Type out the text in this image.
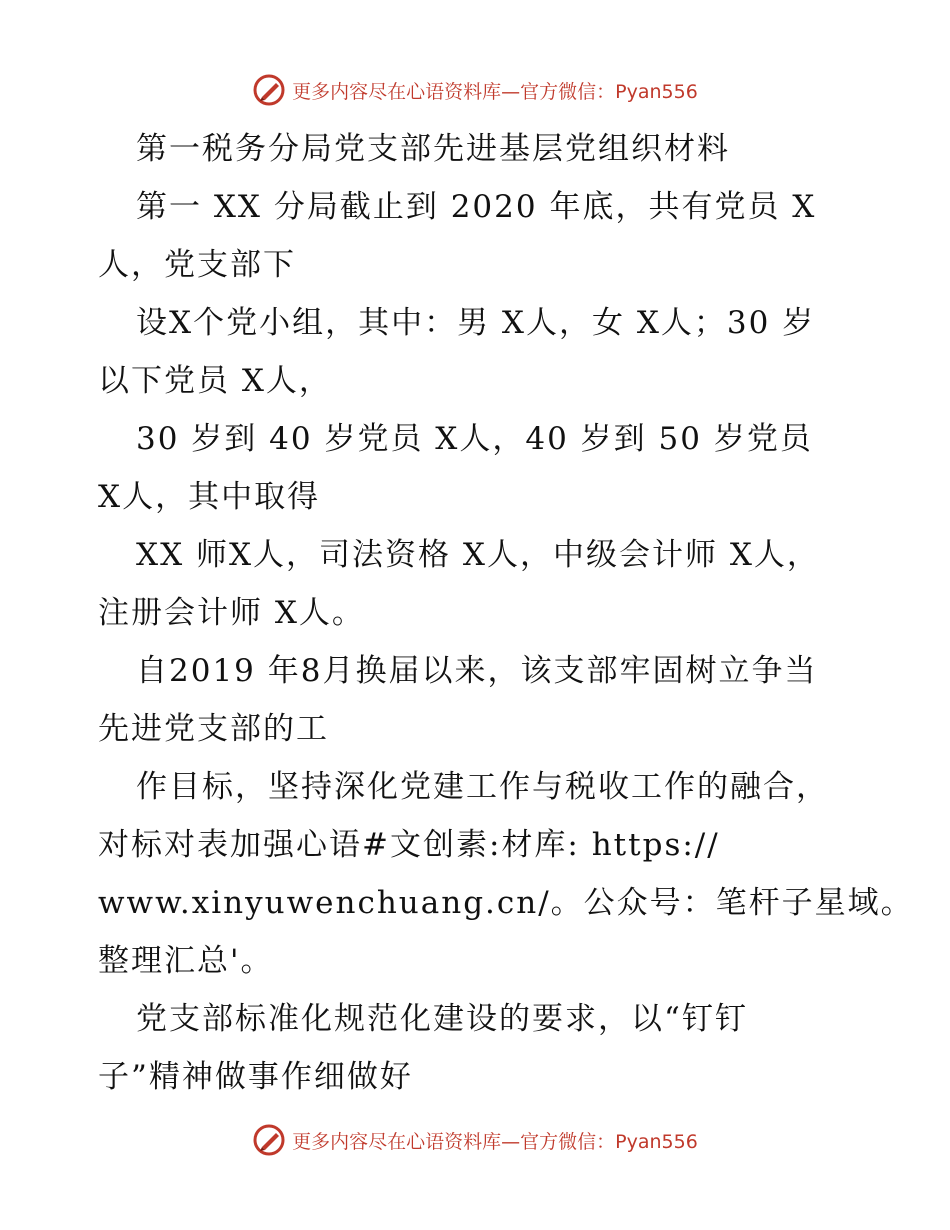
更多内容尽在心语资料库—官方微信：Pyan556
第一税务分局党支部先进基层党组织材料
第一 XX 分局截止到 2020 年底，共有党员 X
人，党支部下
设X个党小组，其中：男 X人，女 X人；30 岁
以下党员 X人，
30 岁到 40 岁党员 X人，40 岁到 50 岁党员
X人，其中取得
XX 师X人，司法资格 X人，中级会计师 X人，
注册会计师 X人。
自2019 年8月换届以来，该支部牢固树立争当
先进党支部的工
作目标，坚持深化党建工作与税收工作的融合，
对标对表加强心语#文创素:材库: https://
www.xinyuwenchuang.cn/。公众号：笔杆子星域。
整理汇总'。
党支部标准化规范化建设的要求，以“钉钉
子”精神做事作细做好
更多内容尽在心语资料库—官方微信：Pyan556
